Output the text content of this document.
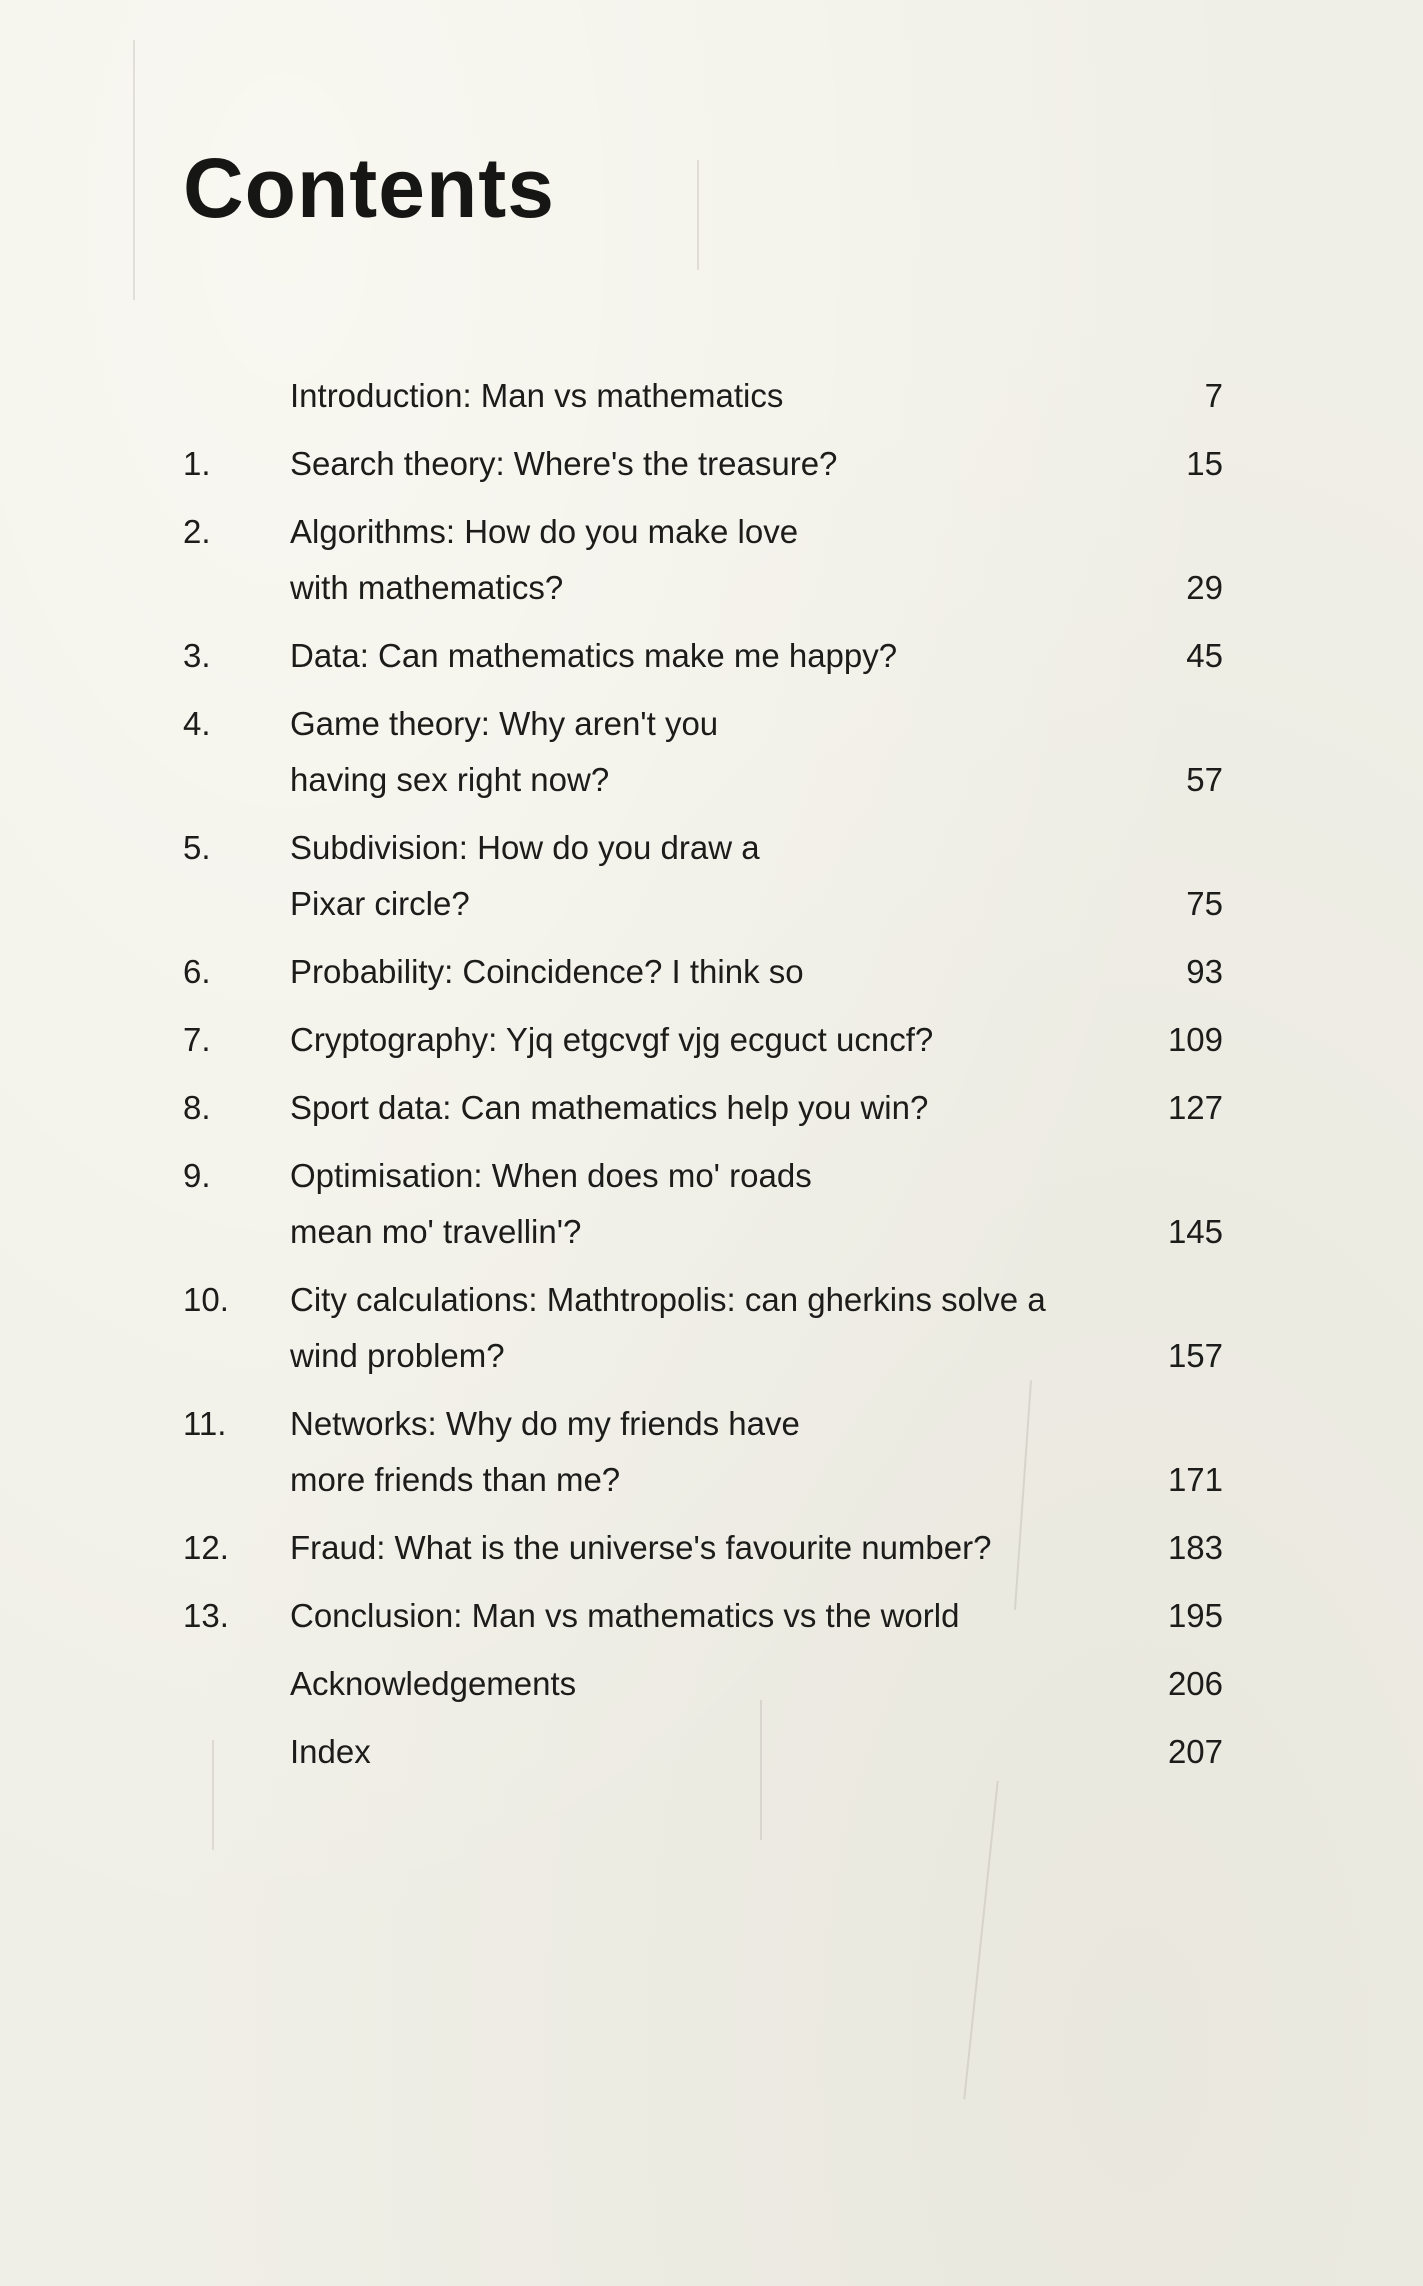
Contents
Introduction: Man vs mathematics	7
1.	Search theory: Where's the treasure?	15
2.	Algorithms: How do you make love with mathematics?	29
3.	Data: Can mathematics make me happy?	45
4.	Game theory: Why aren't you having sex right now?	57
5.	Subdivision: How do you draw a Pixar circle?	75
6.	Probability: Coincidence? I think so	93
7.	Cryptography: Yjq etgcvgf vjg ecguct ucncf?	109
8.	Sport data: Can mathematics help you win?	127
9.	Optimisation: When does mo' roads mean mo' travellin'?	145
10.	City calculations: Mathtropolis: can gherkins solve a wind problem?	157
11.	Networks: Why do my friends have more friends than me?	171
12.	Fraud: What is the universe's favourite number?	183
13.	Conclusion: Man vs mathematics vs the world	195
Acknowledgements	206
Index	207
